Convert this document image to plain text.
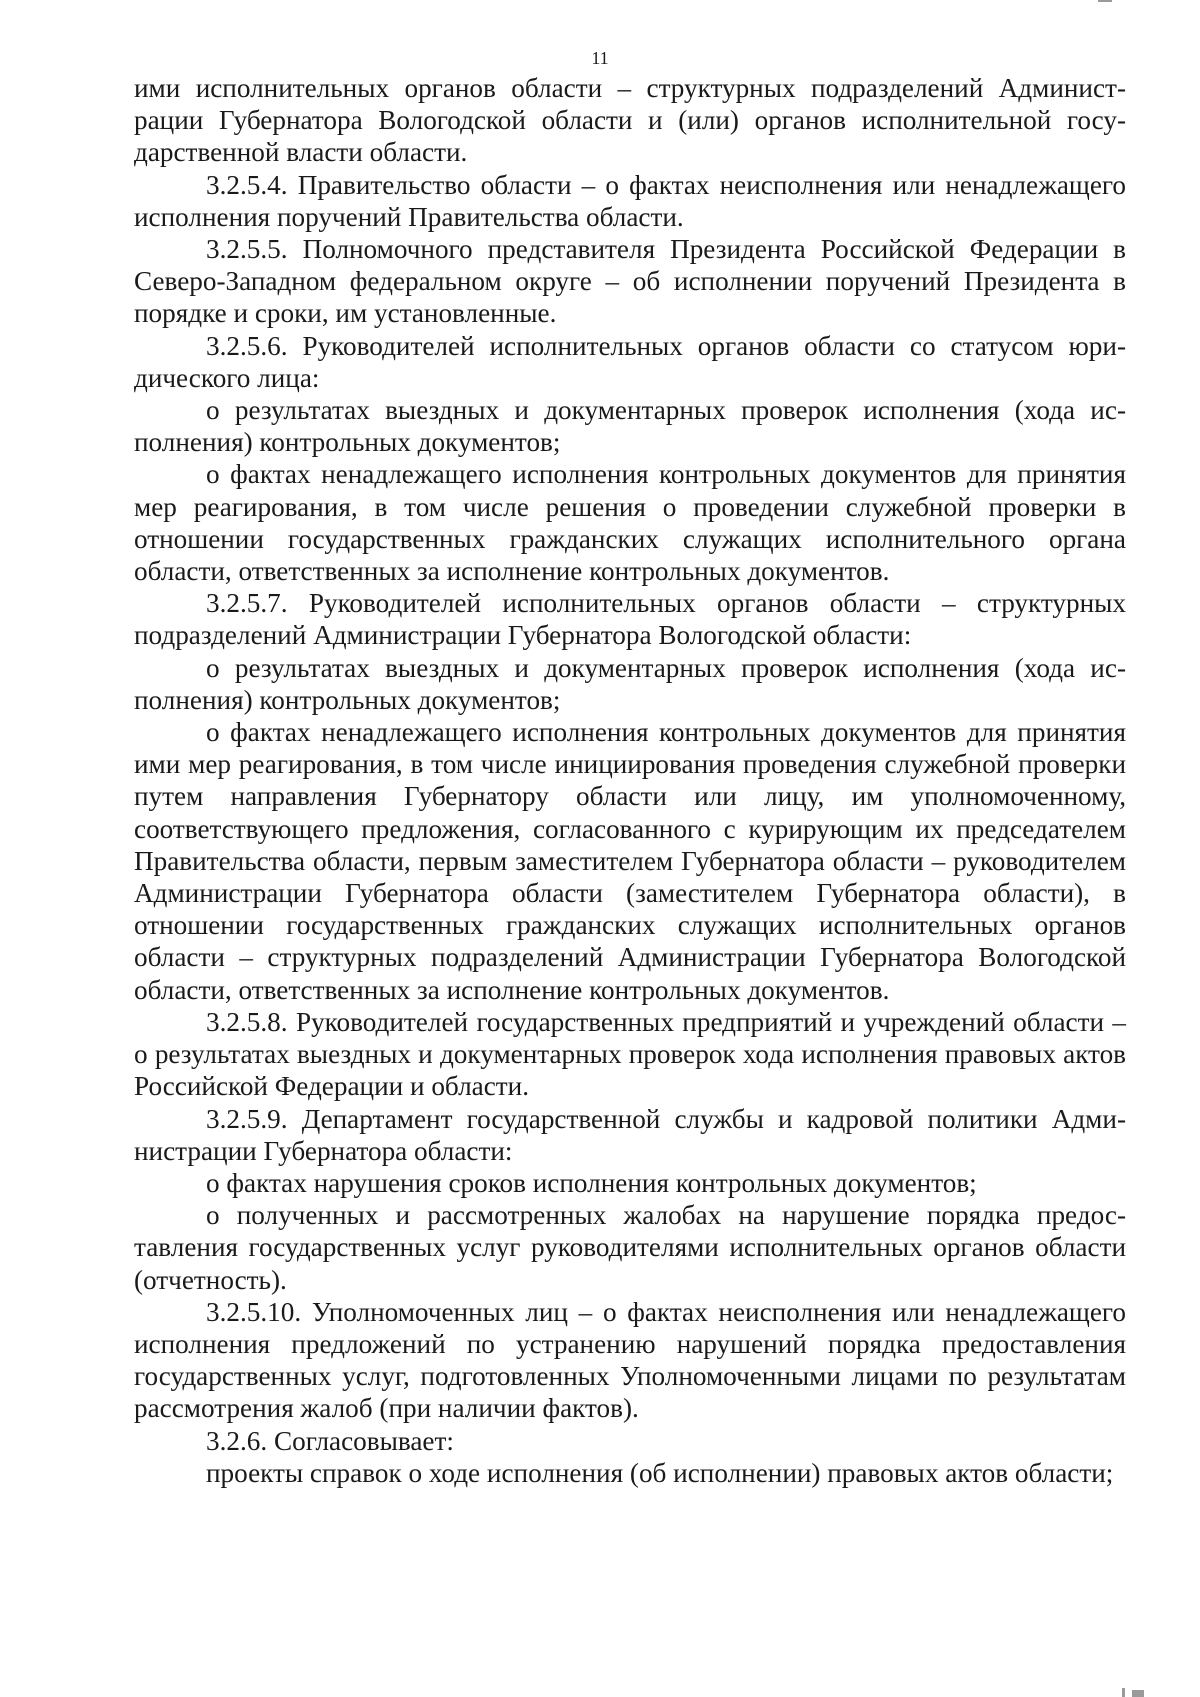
11

ими исполнительных органов области – структурных подразделений Администрации Губернатора Вологодской области и (или) органов исполнительной государственной власти области.

3.2.5.4. Правительство области – о фактах неисполнения или ненадлежащего исполнения поручений Правительства области.

3.2.5.5. Полномочного представителя Президента Российской Федерации в Северо-Западном федеральном округе – об исполнении поручений Президента в порядке и сроки, им установленные.

3.2.5.6. Руководителей исполнительных органов области со статусом юридического лица:

о результатах выездных и документарных проверок исполнения (хода исполнения) контрольных документов;

о фактах ненадлежащего исполнения контрольных документов для принятия мер реагирования, в том числе решения о проведении служебной проверки в отношении государственных гражданских служащих исполнительного органа области, ответственных за исполнение контрольных документов.

3.2.5.7. Руководителей исполнительных органов области – структурных подразделений Администрации Губернатора Вологодской области:

о результатах выездных и документарных проверок исполнения (хода исполнения) контрольных документов;

о фактах ненадлежащего исполнения контрольных документов для принятия ими мер реагирования, в том числе инициирования проведения служебной проверки путем направления Губернатору области или лицу, им уполномоченному, соответствующего предложения, согласованного с курирующим их председателем Правительства области, первым заместителем Губернатора области – руководителем Администрации Губернатора области (заместителем Губернатора области), в отношении государственных гражданских служащих исполнительных органов области – структурных подразделений Администрации Губернатора Вологодской области, ответственных за исполнение контрольных документов.

3.2.5.8. Руководителей государственных предприятий и учреждений области – о результатах выездных и документарных проверок хода исполнения правовых актов Российской Федерации и области.

3.2.5.9. Департамент государственной службы и кадровой политики Администрации Губернатора области:

о фактах нарушения сроков исполнения контрольных документов;

о полученных и рассмотренных жалобах на нарушение порядка предоставления государственных услуг руководителями исполнительных органов области (отчетность).

3.2.5.10. Уполномоченных лиц – о фактах неисполнения или ненадлежащего исполнения предложений по устранению нарушений порядка предоставления государственных услуг, подготовленных Уполномоченными лицами по результатам рассмотрения жалоб (при наличии фактов).

3.2.6. Согласовывает:

проекты справок о ходе исполнения (об исполнении) правовых актов области;
